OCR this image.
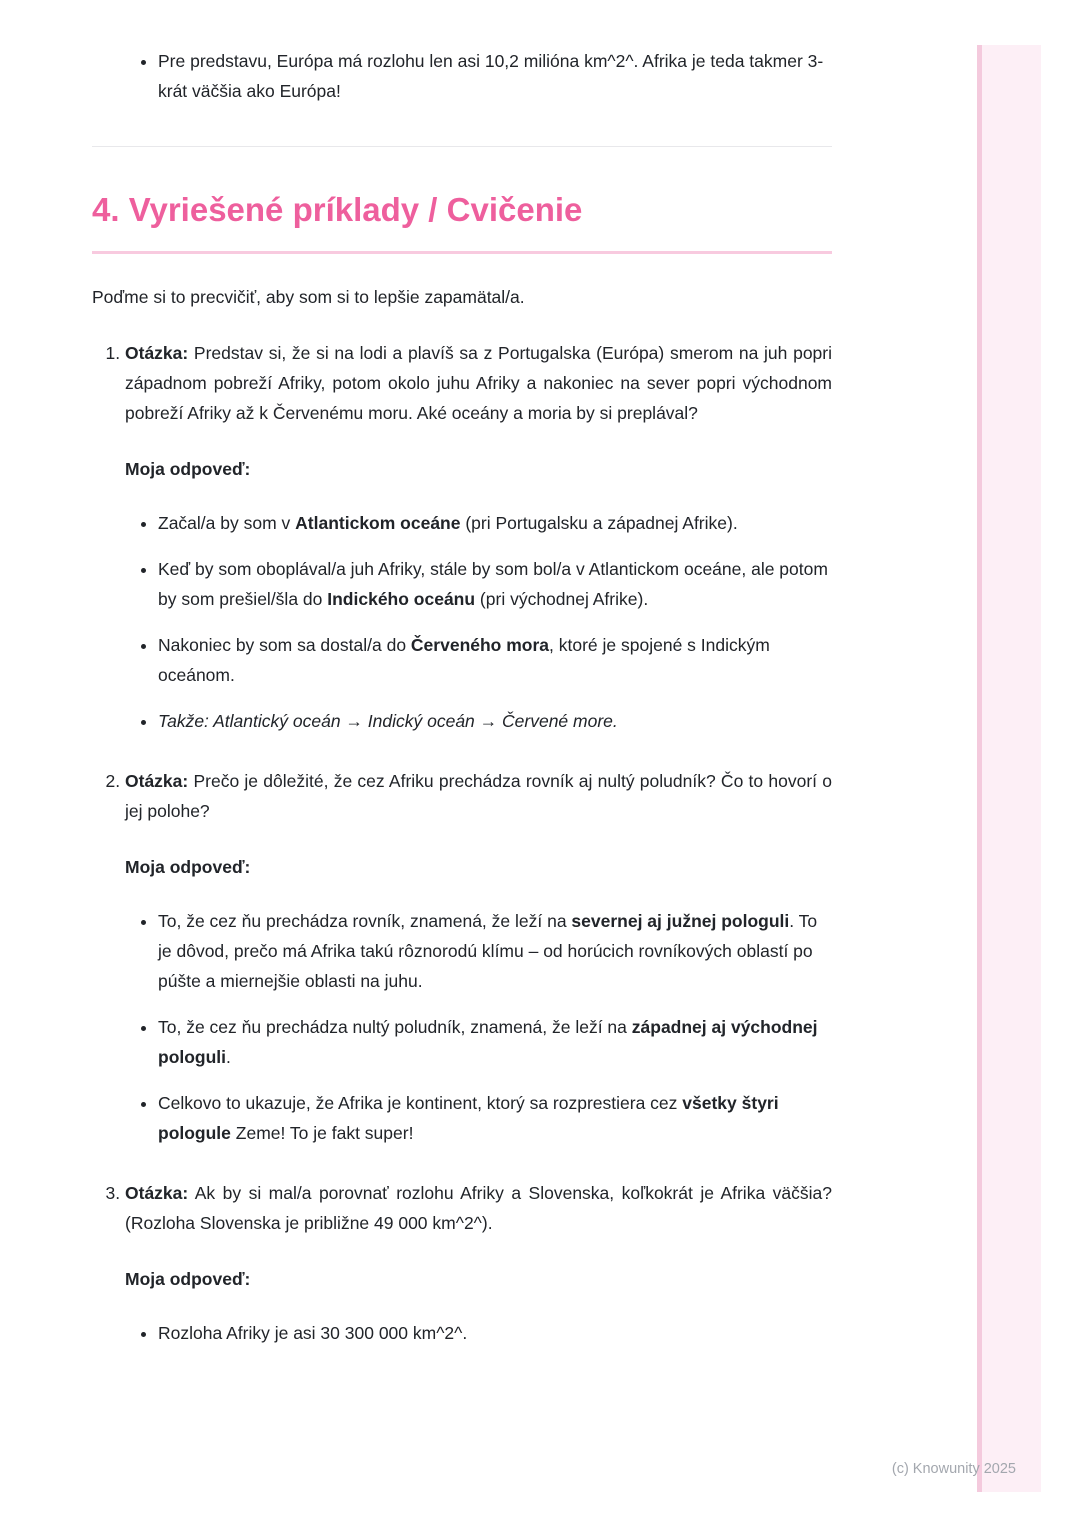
• Pre predstavu, Európa má rozlohu len asi 10,2 milióna km^2^. Afrika je teda takmer 3-krát väčšia ako Európa!
4. Vyriešené príklady / Cvičenie

Poďme si to precvičiť, aby som si to lepšie zapamätal/a.

1. Otázka: Predstav si, že si na lodi a plavíš sa z Portugalska (Európa) smerom na juh popri západnom pobreží Afriky, potom okolo juhu Afriky a nakoniec na sever popri východnom pobreží Afriky až k Červenému moru. Aké oceány a moria by si preplával?

Moja odpoveď:

• Začal/a by som v Atlantickom oceáne (pri Portugalsku a západnej Afrike).
• Keď by som oboplával/a juh Afriky, stále by som bol/a v Atlantickom oceáne, ale potom by som prešiel/šla do Indického oceánu (pri východnej Afrike).
• Nakoniec by som sa dostal/a do Červeného mora, ktoré je spojené s Indickým oceánom.
• Takže: Atlantický oceán → Indický oceán → Červené more.

2. Otázka: Prečo je dôležité, že cez Afriku prechádza rovník aj nultý poludník? Čo to hovorí o jej polohe?

Moja odpoveď:

• To, že cez ňu prechádza rovník, znamená, že leží na severnej aj južnej pologuli. To je dôvod, prečo má Afrika takú rôznorodú klímu – od horúcich rovníkových oblastí po púšte a miernejšie oblasti na juhu.
• To, že cez ňu prechádza nultý poludník, znamená, že leží na západnej aj východnej pologuli.
• Celkovo to ukazuje, že Afrika je kontinent, ktorý sa rozprestiera cez všetky štyri pologule Zeme! To je fakt super!

3. Otázka: Ak by si mal/a porovnať rozlohu Afriky a Slovenska, koľkokrát je Afrika väčšia? (Rozloha Slovenska je približne 49 000 km^2^).

Moja odpoveď:

• Rozloha Afriky je asi 30 300 000 km^2^.
(c) Knowunity 2025
